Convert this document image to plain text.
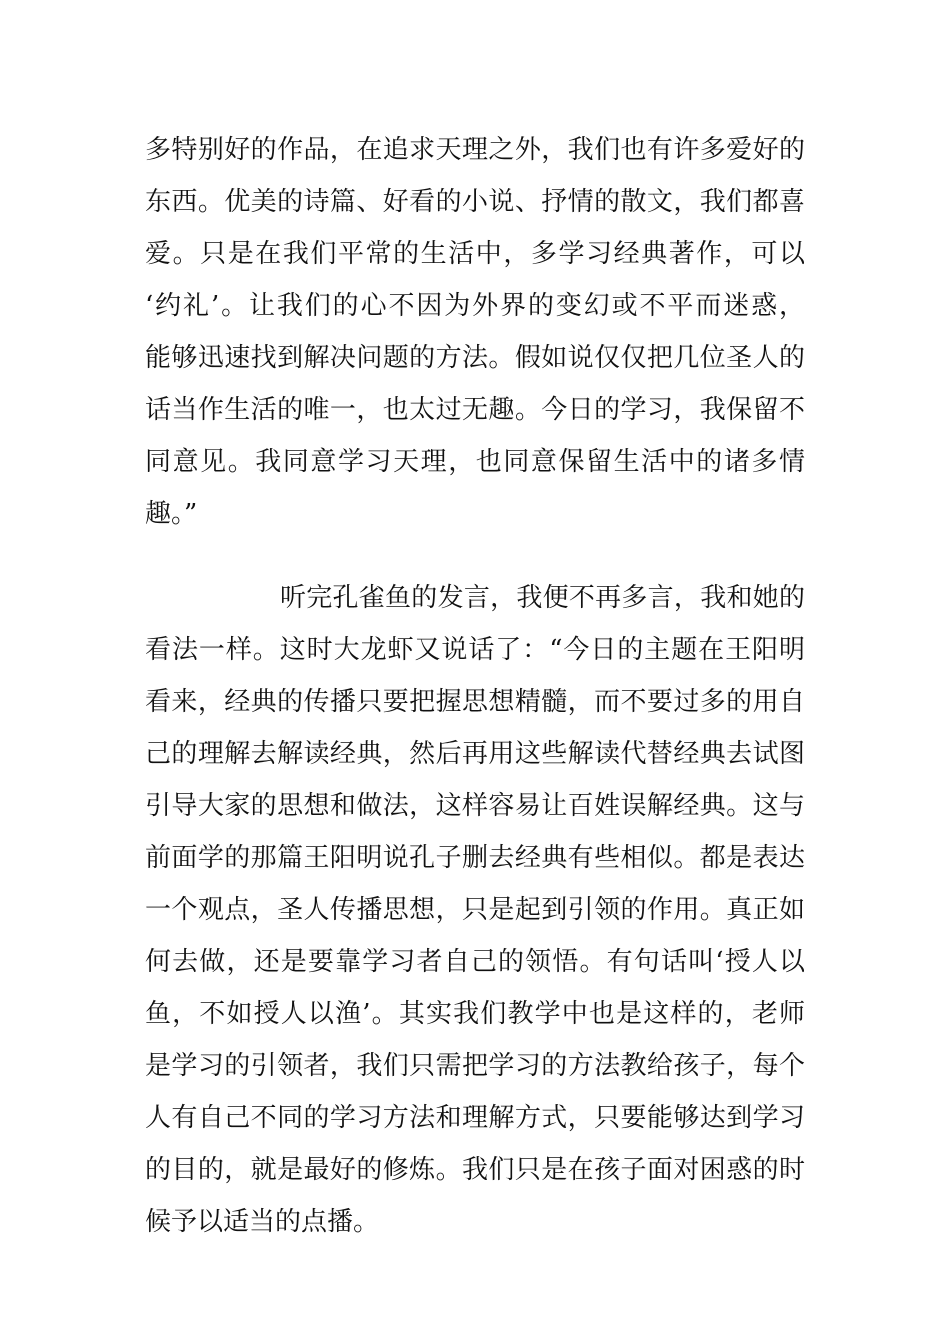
多特别好的作品，在追求天理之外，我们也有许多爱好的
东西。优美的诗篇、好看的小说、抒情的散文，我们都喜
爱。只是在我们平常的生活中，多学习经典著作，可以
‘约礼’。让我们的心不因为外界的变幻或不平而迷惑，
能够迅速找到解决问题的方法。假如说仅仅把几位圣人的
话当作生活的唯一，也太过无趣。今日的学习，我保留不
同意见。我同意学习天理，也同意保留生活中的诸多情
趣。”
听完孔雀鱼的发言，我便不再多言，我和她的
看法一样。这时大龙虾又说话了：“今日的主题在王阳明
看来，经典的传播只要把握思想精髓，而不要过多的用自
己的理解去解读经典，然后再用这些解读代替经典去试图
引导大家的思想和做法，这样容易让百姓误解经典。这与
前面学的那篇王阳明说孔子删去经典有些相似。都是表达
一个观点，圣人传播思想，只是起到引领的作用。真正如
何去做，还是要靠学习者自己的领悟。有句话叫‘授人以
鱼，不如授人以渔’。其实我们教学中也是这样的，老师
是学习的引领者，我们只需把学习的方法教给孩子，每个
人有自己不同的学习方法和理解方式，只要能够达到学习
的目的，就是最好的修炼。我们只是在孩子面对困惑的时
候予以适当的点播。
